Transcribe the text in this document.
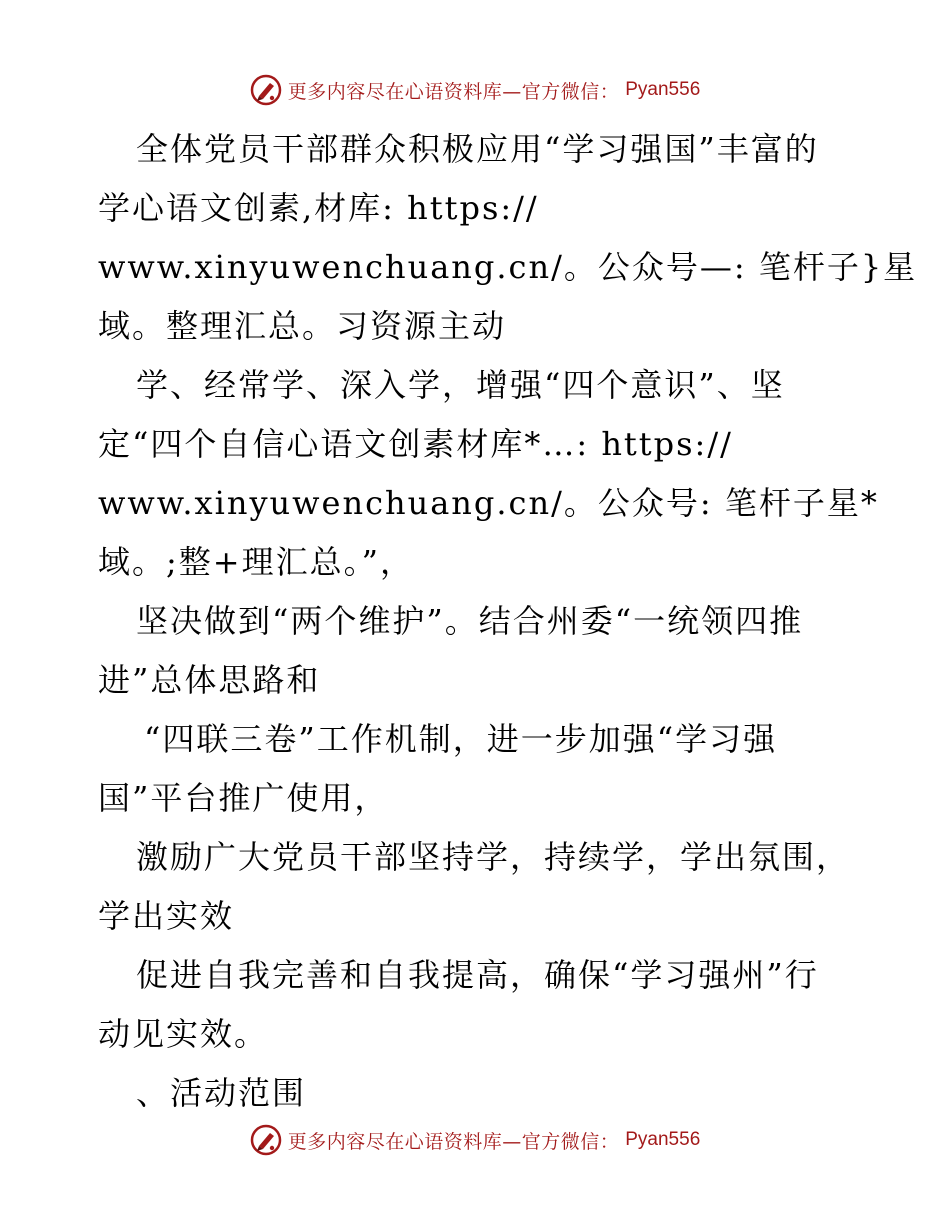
更多内容尽在心语资料库—官方微信： Pyan556
全体党员干部群众积极应用“学习强国”丰富的
学心语文创素,材库: https://
www.xinyuwenchuang.cn/。公众号—: 笔杆子}星
域。整理汇总。习资源主动
学、经常学、深入学，增强“四个意识”、坚
定“四个自信心语文创素材库*…: https://
www.xinyuwenchuang.cn/。公众号: 笔杆子星*
域。;整+理汇总。”，
坚决做到“两个维护”。结合州委“一统领四推
进”总体思路和
“四联三卷”工作机制，进一步加强“学习强
国”平台推广使用，
激励广大党员干部坚持学，持续学，学出氛围，
学出实效
促进自我完善和自我提高，确保“学习强州”行
动见实效。
、活动范围
更多内容尽在心语资料库—官方微信： Pyan556
